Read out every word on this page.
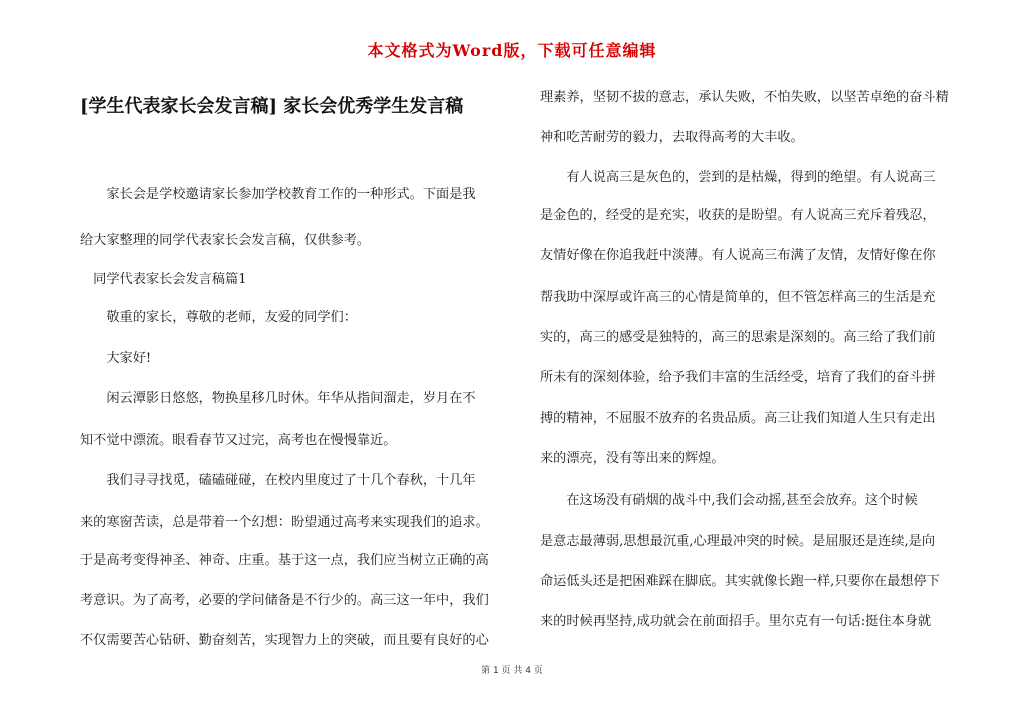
本文格式为Word版，下载可任意编辑
[学生代表家长会发言稿] 家长会优秀学生发言稿
　　家长会是学校邀请家长参加学校教育工作的一种形式。下面是我
给大家整理的同学代表家长会发言稿，仅供参考。
　同学代表家长会发言稿篇1
　　敬重的家长，尊敬的老师，友爱的同学们：
　　大家好!
　　闲云潭影日悠悠，物换星移几时休。年华从指间溜走，岁月在不
知不觉中漂流。眼看春节又过完，高考也在慢慢靠近。
　　我们寻寻找觅，磕磕碰碰，在校内里度过了十几个春秋，十几年
来的寒窗苦读，总是带着一个幻想：盼望通过高考来实现我们的追求。
于是高考变得神圣、神奇、庄重。基于这一点，我们应当树立正确的高
考意识。为了高考，必要的学问储备是不行少的。高三这一年中，我们
不仅需要苦心钻研、勤奋刻苦，实现智力上的突破，而且要有良好的心
理素养，坚韧不拔的意志，承认失败，不怕失败，以坚苦卓绝的奋斗精
神和吃苦耐劳的毅力，去取得高考的大丰收。
　　有人说高三是灰色的，尝到的是枯燥，得到的绝望。有人说高三
是金色的，经受的是充实，收获的是盼望。有人说高三充斥着残忍，
友情好像在你追我赶中淡薄。有人说高三布满了友情，友情好像在你
帮我助中深厚或许高三的心情是简单的，但不管怎样高三的生活是充
实的，高三的感受是独特的，高三的思索是深刻的。高三给了我们前
所未有的深刻体验，给予我们丰富的生活经受，培育了我们的奋斗拼
搏的精神，不屈服不放弃的名贵品质。高三让我们知道人生只有走出
来的漂亮，没有等出来的辉煌。
　　在这场没有硝烟的战斗中,我们会动摇,甚至会放弃。这个时候
是意志最薄弱,思想最沉重,心理最冲突的时候。是屈服还是连续,是向
命运低头还是把困难踩在脚底。其实就像长跑一样,只要你在最想停下
来的时候再坚持,成功就会在前面招手。里尔克有一句话:挺住本身就
第 1 页 共 4 页
